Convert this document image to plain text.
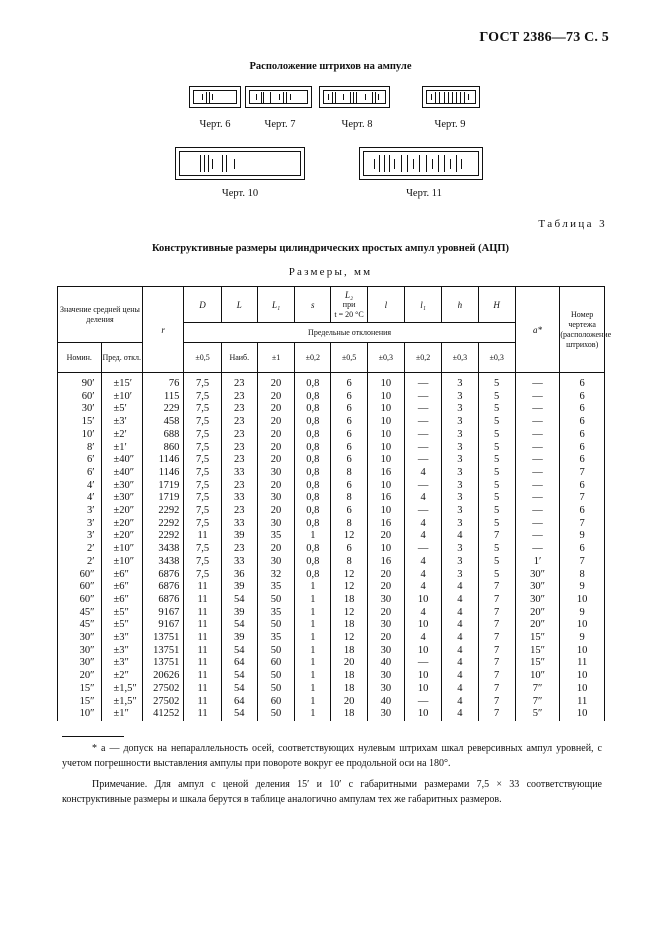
ГОСТ 2386—73 С. 5
Расположение штрихов на ампуле
Черт. 6	Черт. 7	Черт. 8	Черт. 9
Черт. 10	Черт. 11
Таблица 3
Конструктивные размеры цилиндрических простых ампул уровней (АЦП)
Размеры, мм
Значение средней цены деления		r	D	L	L₁	s	L₂
при
t = 20 °C	l	l₁	h	H	a*	Номер чертежа (расположение штрихов)
			Предельные отклонения										
Номин.	Пред. откл.		±0,5	Наиб.	±1	±0,2	±0,5	±0,3	±0,2	±0,3	±0,3		
90′	±15′	76	7,5	23	20	0,8	6	10	—	3	5	—	6
60′	±10′	115	7,5	23	20	0,8	6	10	—	3	5	—	6
30′	±5′	229	7,5	23	20	0,8	6	10	—	3	5	—	6
15′	±3′	458	7,5	23	20	0,8	6	10	—	3	5	—	6
10′	±2′	688	7,5	23	20	0,8	6	10	—	3	5	—	6
8′	±1′	860	7,5	23	20	0,8	6	10	—	3	5	—	6
6′	±40″	1146	7,5	23	20	0,8	6	10	—	3	5	—	6
6′	±40″	1146	7,5	33	30	0,8	8	16	4	3	5	—	7
4′	±30″	1719	7,5	23	20	0,8	6	10	—	3	5	—	6
4′	±30″	1719	7,5	33	30	0,8	8	16	4	3	5	—	7
3′	±20″	2292	7,5	23	20	0,8	6	10	—	3	5	—	6
3′	±20″	2292	7,5	33	30	0,8	8	16	4	3	5	—	7
3′	±20″	2292	11	39	35	1	12	20	4	4	7	—	9
2′	±10″	3438	7,5	23	20	0,8	6	10	—	3	5	—	6
2′	±10″	3438	7,5	33	30	0,8	8	16	4	3	5	1′	7
60″	±6″	6876	7,5	36	32	0,8	12	20	4	3	5	30″	8
60″	±6″	6876	11	39	35	1	12	20	4	4	7	30″	9
60″	±6″	6876	11	54	50	1	18	30	10	4	7	30″	10
45″	±5″	9167	11	39	35	1	12	20	4	4	7	20″	9
45″	±5″	9167	11	54	50	1	18	30	10	4	7	20″	10
30″	±3″	13751	11	39	35	1	12	20	4	4	7	15″	9
30″	±3″	13751	11	54	50	1	18	30	10	4	7	15″	10
30″	±3″	13751	11	64	60	1	20	40	—	4	7	15″	11
20″	±2″	20626	11	54	50	1	18	30	10	4	7	10″	10
15″	±1,5″	27502	11	54	50	1	18	30	10	4	7	7″	10
15″	±1,5″	27502	11	64	60	1	20	40	—	4	7	7″	11
10″	±1″	41252	11	54	50	1	18	30	10	4	7	5″	10
* a — допуск на непараллельность осей, соответствующих нулевым штрихам шкал реверсивных ампул уровней, с учетом погрешности выставления ампулы при повороте вокруг ее продольной оси на 180°.
Примечание. Для ампул с ценой деления 15′ и 10′ с габаритными размерами 7,5 × 33 соответствующие конструктивные размеры и шкала берутся в таблице аналогично ампулам тех же габаритных размеров.
